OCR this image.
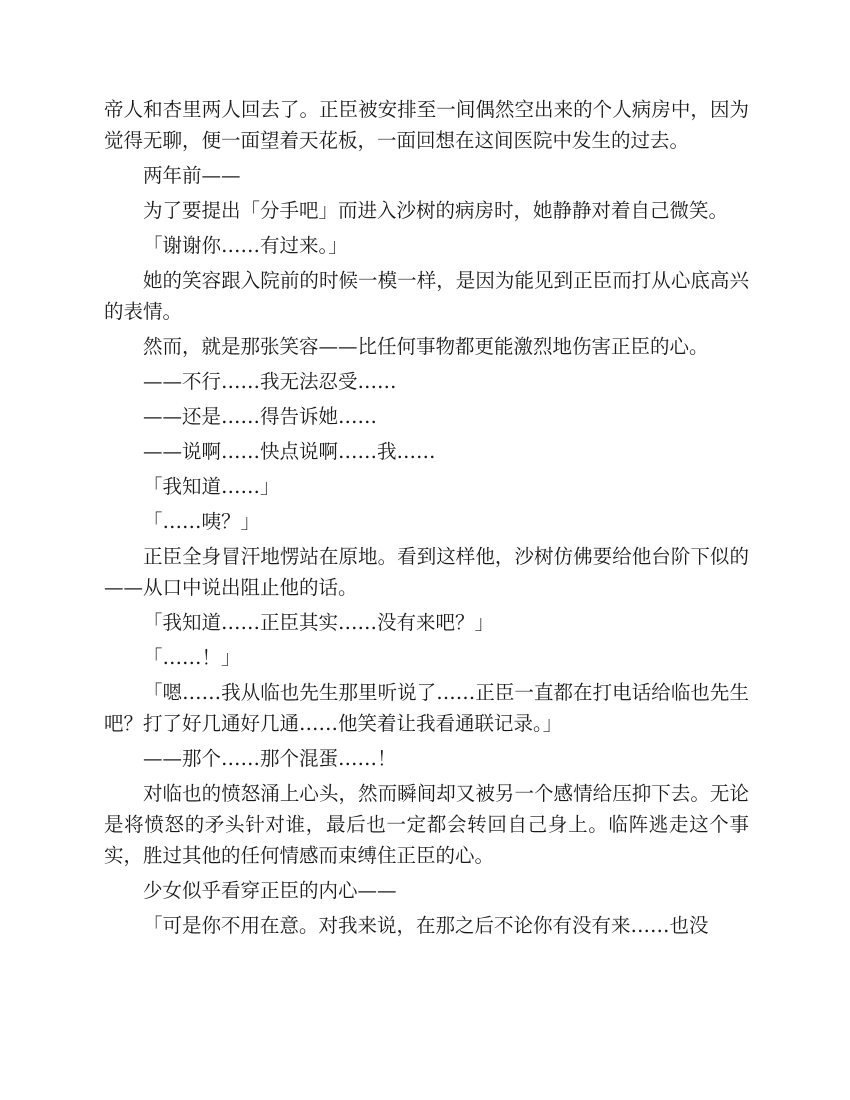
帝人和杏里两人回去了。正臣被安排至一间偶然空出来的个人病房中，因为觉得无聊，便一面望着天花板，一面回想在这间医院中发生的过去。

两年前——

为了要提出「分手吧」而进入沙树的病房时，她静静对着自己微笑。

「谢谢你……有过来。」

她的笑容跟入院前的时候一模一样，是因为能见到正臣而打从心底高兴的表情。

然而，就是那张笑容——比任何事物都更能激烈地伤害正臣的心。

——不行……我无法忍受……

——还是……得告诉她……

——说啊……快点说啊……我……

「我知道……」

「……咦？」

正臣全身冒汗地愣站在原地。看到这样他，沙树仿佛要给他台阶下似的——从口中说出阻止他的话。

「我知道……正臣其实……没有来吧？」

「……！」

「嗯……我从临也先生那里听说了……正臣一直都在打电话给临也先生吧？打了好几通好几通……他笑着让我看通联记录。」

——那个……那个混蛋……！

对临也的愤怒涌上心头，然而瞬间却又被另一个感情给压抑下去。无论是将愤怒的矛头针对谁，最后也一定都会转回自己身上。临阵逃走这个事实，胜过其他的任何情感而束缚住正臣的心。

少女似乎看穿正臣的内心——

「可是你不用在意。对我来说，在那之后不论你有没有来……也没
